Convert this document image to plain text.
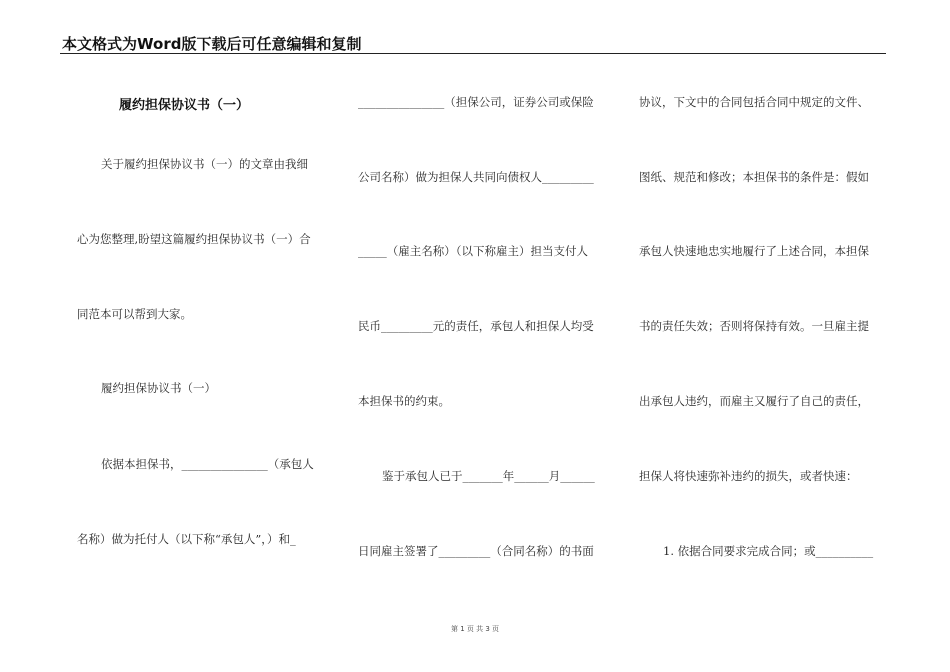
本文格式为Word版下载后可任意编辑和复制
履约担保协议书（一）
关于履约担保协议书（一）的文章由我细
心为您整理,盼望这篇履约担保协议书（一）合
同范本可以帮到大家。
履约担保协议书（一）
依据本担保书，_______________（承包人
名称）做为托付人（以下称“承包人”，）和_
_______________（担保公司，证券公司或保险
公司名称）做为担保人共同向债权人_________
_____（雇主名称）（以下称雇主）担当支付人
民币_________元的责任，承包人和担保人均受
本担保书的约束。
鉴于承包人已于_______年______月______
日同雇主签署了_________（合同名称）的书面
协议，下文中的合同包括合同中规定的文件、
图纸、规范和修改；本担保书的条件是：假如
承包人快速地忠实地履行了上述合同，本担保
书的责任失效；否则将保持有效。一旦雇主提
出承包人违约，而雇主又履行了自己的责任，
担保人将快速弥补违约的损失，或者快速：
1. 依据合同要求完成合同；或__________
第 1 页 共 3 页
